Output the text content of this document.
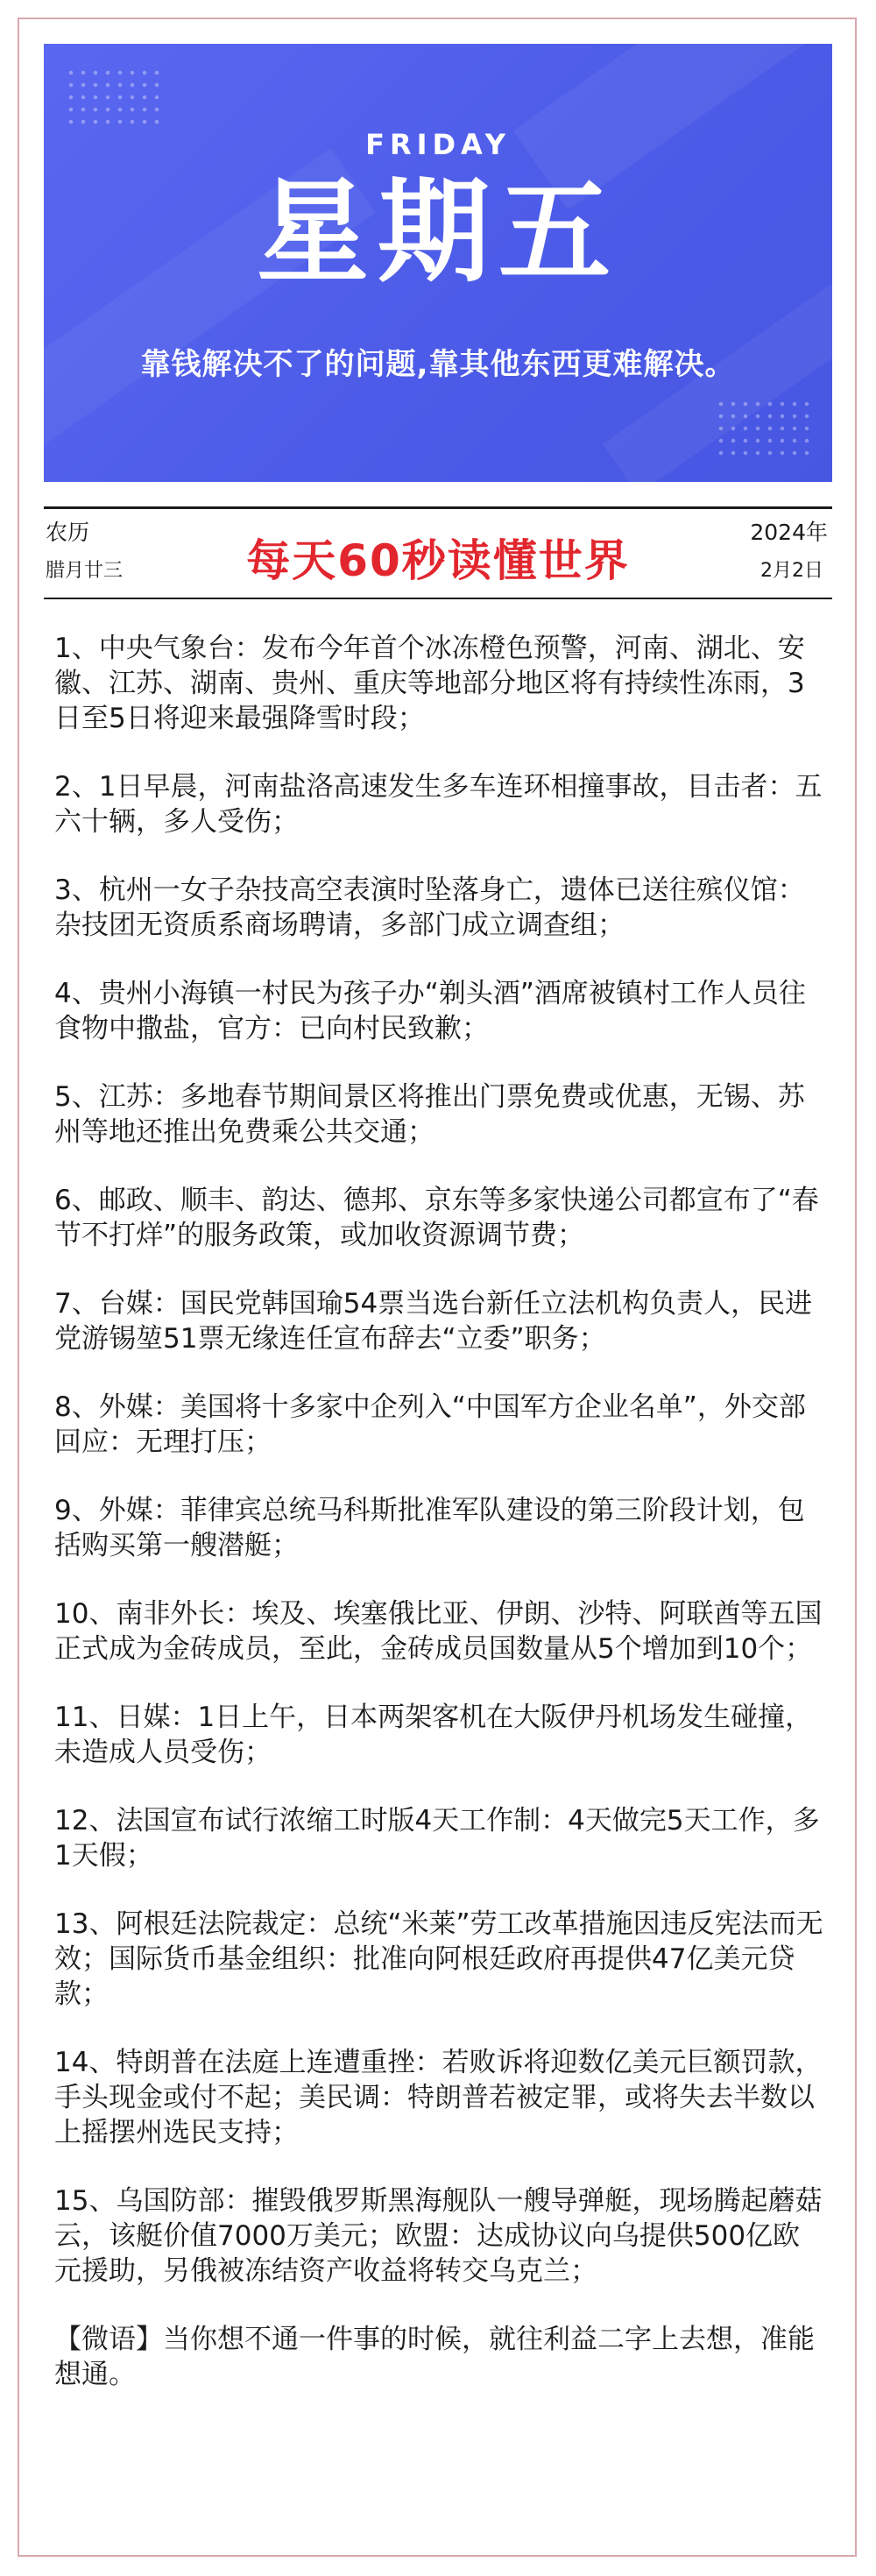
FRIDAY
星期五
靠钱解决不了的问题,靠其他东西更难解决。
农历
腊月廿三	每天60秒读懂世界
2024年
2月2日
1、中央气象台：发布今年首个冰冻橙色预警，河南、湖北、安徽、江苏、湖南、贵州、重庆等地部分地区将有持续性冻雨，3日至5日将迎来最强降雪时段；
2、1日早晨，河南盐洛高速发生多车连环相撞事故，目击者：五六十辆，多人受伤；
3、杭州一女子杂技高空表演时坠落身亡，遗体已送往殡仪馆：杂技团无资质系商场聘请，多部门成立调查组；
4、贵州小海镇一村民为孩子办“剃头酒”酒席被镇村工作人员往食物中撒盐，官方：已向村民致歉；
5、江苏：多地春节期间景区将推出门票免费或优惠，无锡、苏州等地还推出免费乘公共交通；
6、邮政、顺丰、韵达、德邦、京东等多家快递公司都宣布了“春节不打烊”的服务政策，或加收资源调节费；
7、台媒：国民党韩国瑜54票当选台新任立法机构负责人，民进党游锡堃51票无缘连任宣布辞去“立委”职务；
8、外媒：美国将十多家中企列入“中国军方企业名单”，外交部回应：无理打压；
9、外媒：菲律宾总统马科斯批准军队建设的第三阶段计划，包括购买第一艘潜艇；
10、南非外长：埃及、埃塞俄比亚、伊朗、沙特、阿联酋等五国正式成为金砖成员，至此，金砖成员国数量从5个增加到10个；
11、日媒：1日上午，日本两架客机在大阪伊丹机场发生碰撞，未造成人员受伤；
12、法国宣布试行浓缩工时版4天工作制：4天做完5天工作，多1天假；
13、阿根廷法院裁定：总统“米莱”劳工改革措施因违反宪法而无效；国际货币基金组织：批准向阿根廷政府再提供47亿美元贷款；
14、特朗普在法庭上连遭重挫：若败诉将迎数亿美元巨额罚款，手头现金或付不起；美民调：特朗普若被定罪，或将失去半数以上摇摆州选民支持；
15、乌国防部：摧毁俄罗斯黑海舰队一艘导弹艇，现场腾起蘑菇云，该艇价值7000万美元；欧盟：达成协议向乌提供500亿欧元援助，另俄被冻结资产收益将转交乌克兰；
【微语】当你想不通一件事的时候，就往利益二字上去想，准能想通。
